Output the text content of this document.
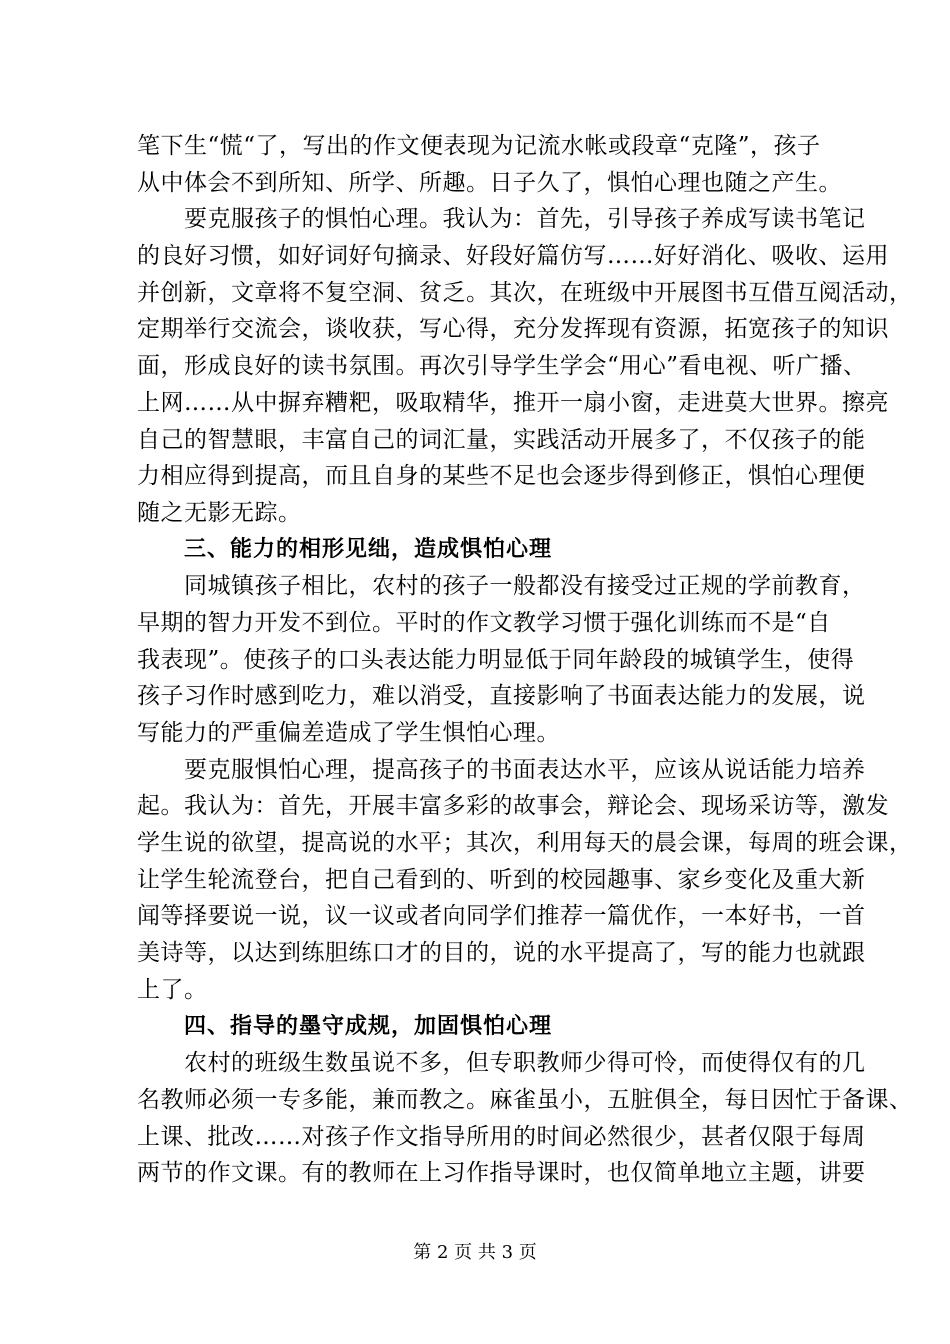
笔下生“慌“了，写出的作文便表现为记流水帐或段章“克隆”，孩子
从中体会不到所知、所学、所趣。日子久了，惧怕心理也随之产生。
要克服孩子的惧怕心理。我认为：首先，引导孩子养成写读书笔记
的良好习惯，如好词好句摘录、好段好篇仿写……好好消化、吸收、运用
并创新，文章将不复空洞、贫乏。其次，在班级中开展图书互借互阅活动，
定期举行交流会，谈收获，写心得，充分发挥现有资源，拓宽孩子的知识
面，形成良好的读书氛围。再次引导学生学会“用心”看电视、听广播、
上网……从中摒弃糟粑，吸取精华，推开一扇小窗，走进莫大世界。擦亮
自己的智慧眼，丰富自己的词汇量，实践活动开展多了，不仅孩子的能
力相应得到提高，而且自身的某些不足也会逐步得到修正，惧怕心理便
随之无影无踪。
三、能力的相形见绌，造成惧怕心理
同城镇孩子相比，农村的孩子一般都没有接受过正规的学前教育，
早期的智力开发不到位。平时的作文教学习惯于强化训练而不是“自
我表现”。使孩子的口头表达能力明显低于同年龄段的城镇学生，使得
孩子习作时感到吃力，难以消受，直接影响了书面表达能力的发展，说
写能力的严重偏差造成了学生惧怕心理。
要克服惧怕心理，提高孩子的书面表达水平，应该从说话能力培养
起。我认为：首先，开展丰富多彩的故事会，辩论会、现场采访等，激发
学生说的欲望，提高说的水平；其次，利用每天的晨会课，每周的班会课，
让学生轮流登台，把自己看到的、听到的校园趣事、家乡变化及重大新
闻等择要说一说，议一议或者向同学们推荐一篇优作，一本好书，一首
美诗等，以达到练胆练口才的目的，说的水平提高了，写的能力也就跟
上了。
四、指导的墨守成规，加固惧怕心理
农村的班级生数虽说不多，但专职教师少得可怜，而使得仅有的几
名教师必须一专多能，兼而教之。麻雀虽小，五脏俱全，每日因忙于备课、
上课、批改……对孩子作文指导所用的时间必然很少，甚者仅限于每周
两节的作文课。有的教师在上习作指导课时，也仅简单地立主题，讲要
第 2 页 共 3 页
